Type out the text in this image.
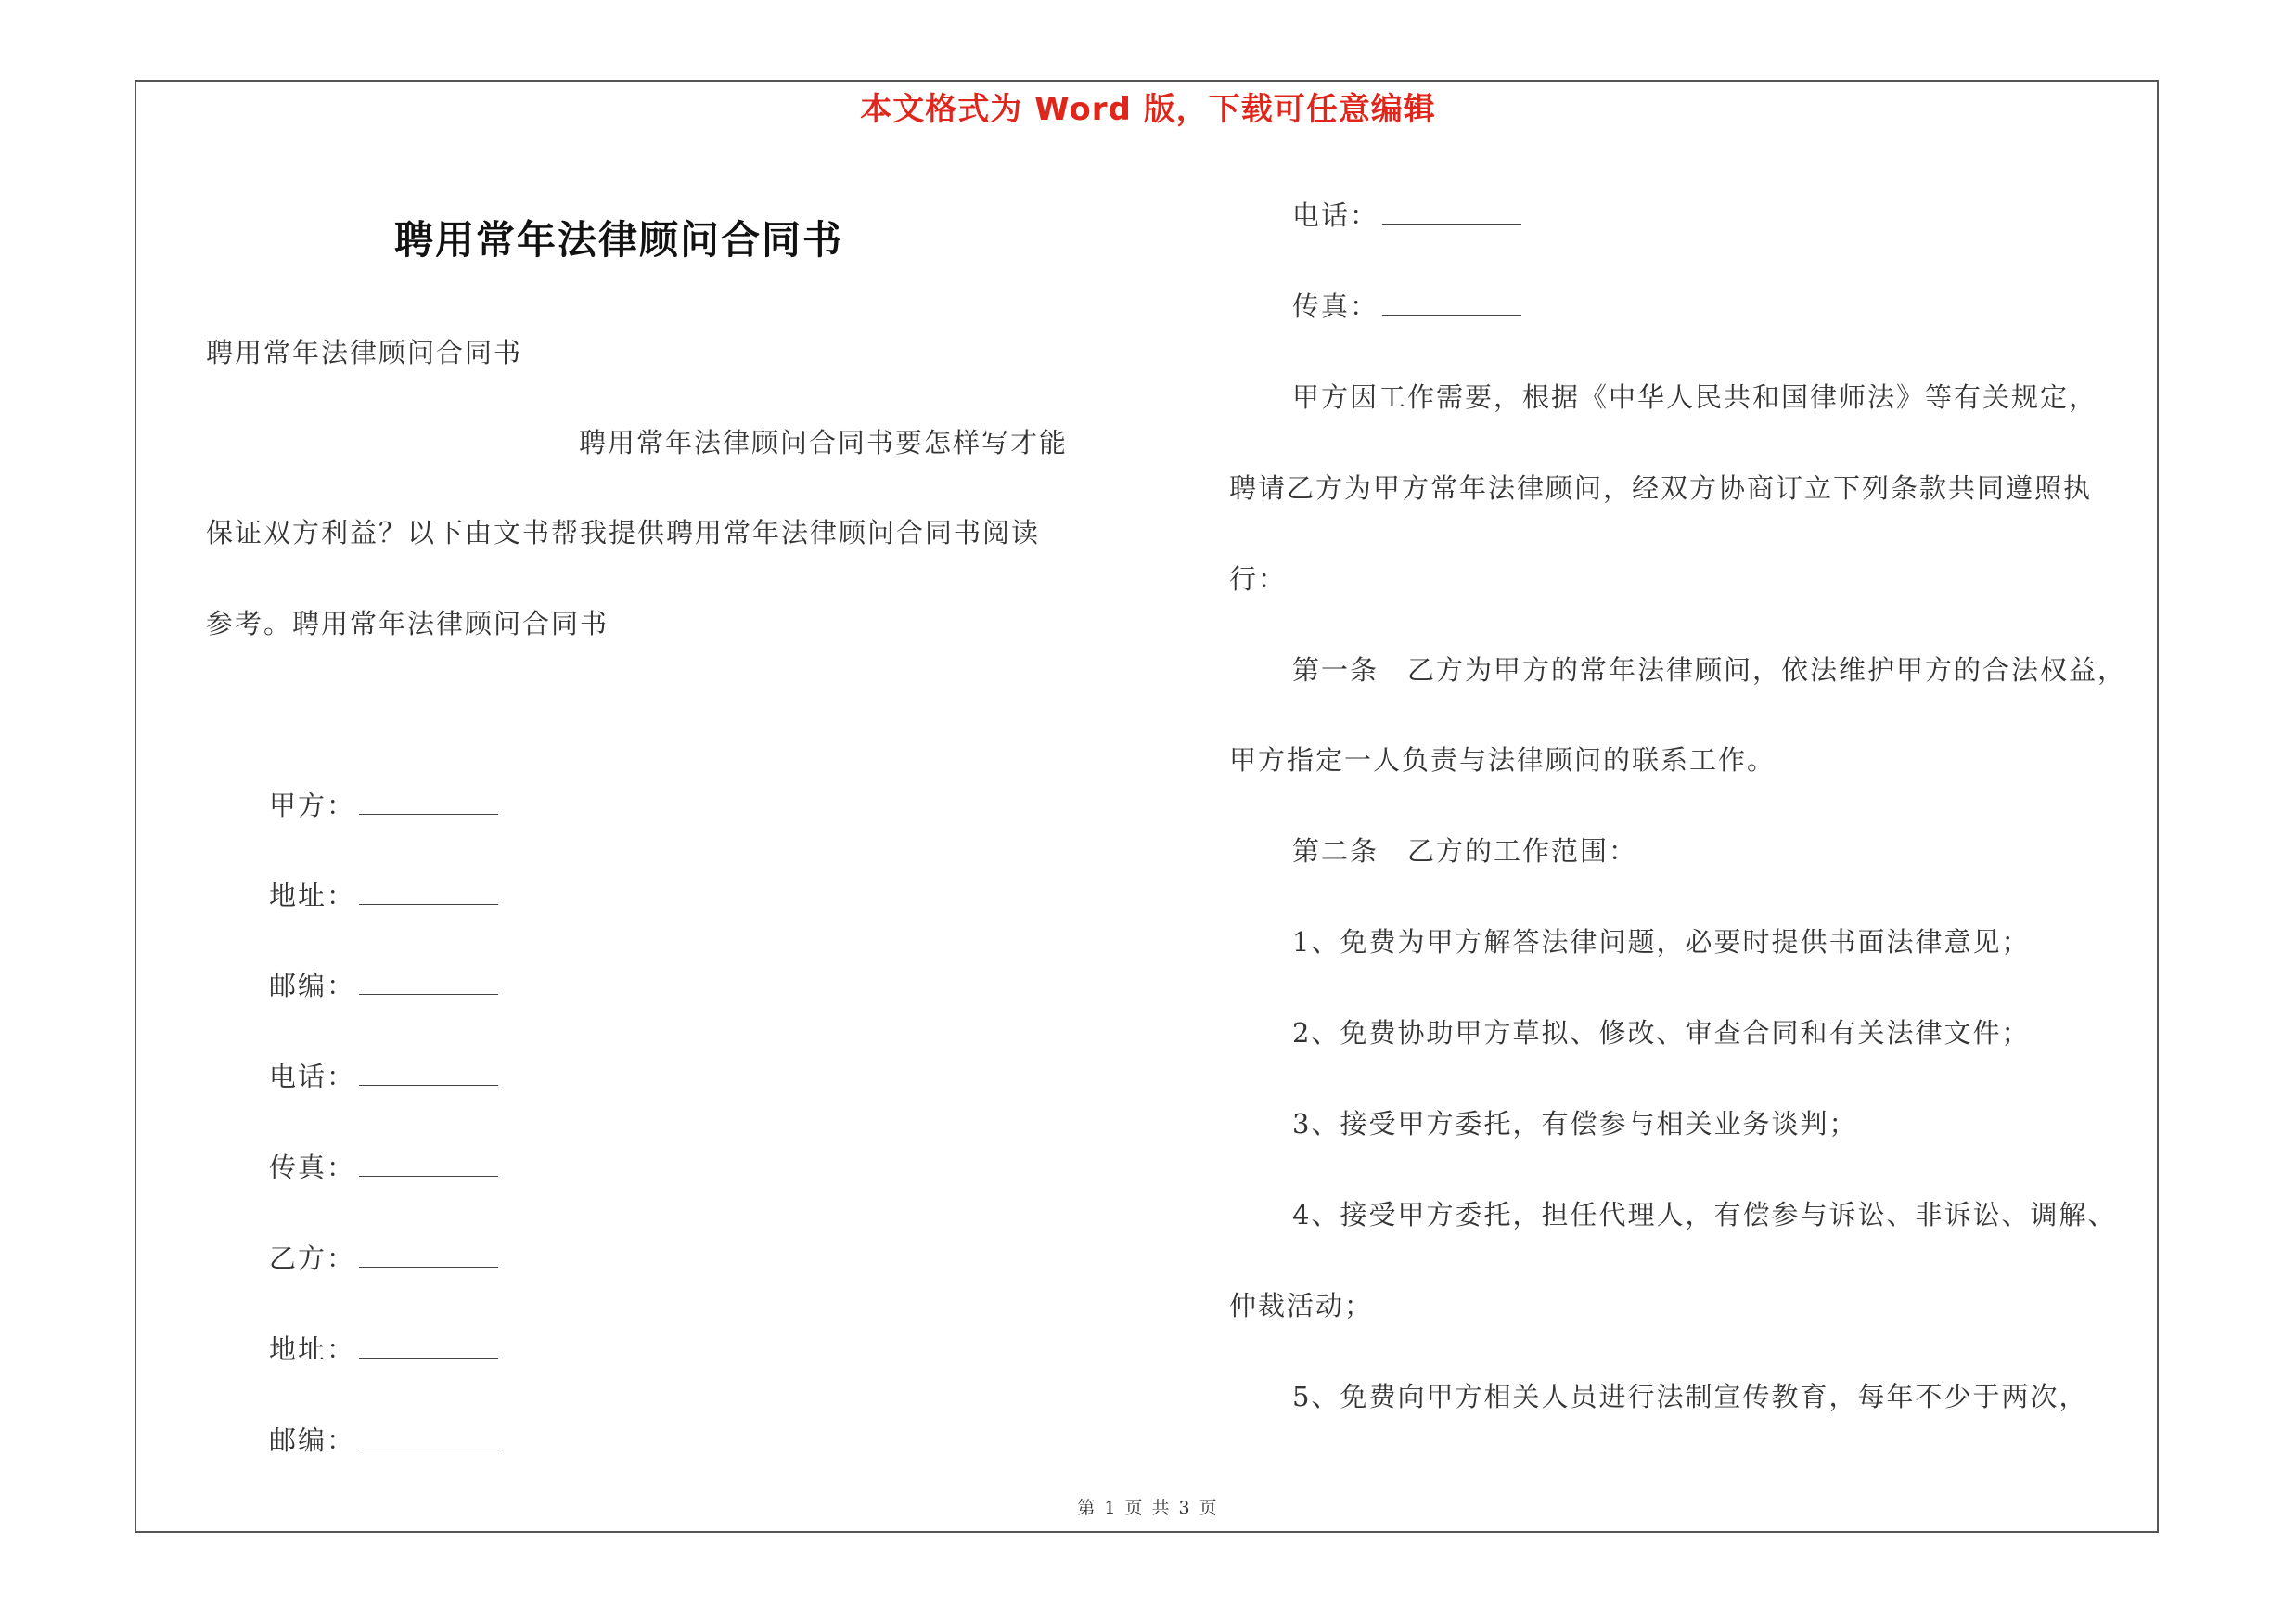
本文格式为 Word 版，下载可任意编辑
聘用常年法律顾问合同书
聘用常年法律顾问合同书
聘用常年法律顾问合同书要怎样写才能
保证双方利益？以下由文书帮我提供聘用常年法律顾问合同书阅读
参考。聘用常年法律顾问合同书
甲方：
地址：
邮编：
电话：
传真：
乙方：
地址：
邮编：
电话：
传真：
甲方因工作需要，根据《中华人民共和国律师法》等有关规定，
聘请乙方为甲方常年法律顾问，经双方协商订立下列条款共同遵照执
行：
第一条　乙方为甲方的常年法律顾问，依法维护甲方的合法权益，
甲方指定一人负责与法律顾问的联系工作。
第二条　乙方的工作范围：
1、免费为甲方解答法律问题，必要时提供书面法律意见；
2、免费协助甲方草拟、修改、审查合同和有关法律文件；
3、接受甲方委托，有偿参与相关业务谈判；
4、接受甲方委托，担任代理人，有偿参与诉讼、非诉讼、调解、
仲裁活动；
5、免费向甲方相关人员进行法制宣传教育，每年不少于两次，
第 1 页 共 3 页
